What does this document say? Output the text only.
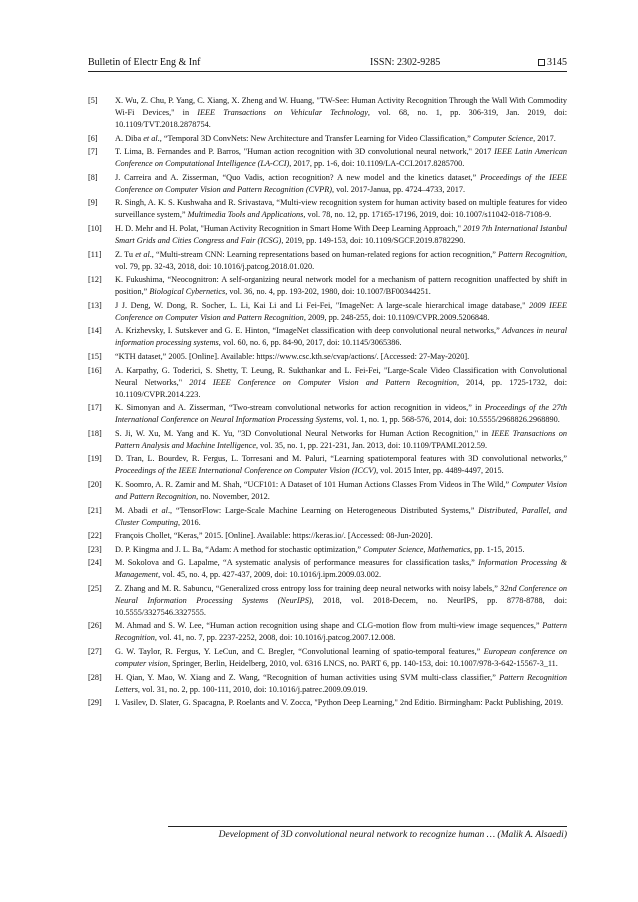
Bulletin of Electr Eng & Inf	ISSN: 2302-9285	3145
[5] X. Wu, Z. Chu, P. Yang, C. Xiang, X. Zheng and W. Huang, "TW-See: Human Activity Recognition Through the Wall With Commodity Wi-Fi Devices," in IEEE Transactions on Vehicular Technology, vol. 68, no. 1, pp. 306-319, Jan. 2019, doi: 10.1109/TVT.2018.2878754.
[6] A. Diba et al., “Temporal 3D ConvNets: New Architecture and Transfer Learning for Video Classification,” Computer Science, 2017.
[7] T. Lima, B. Fernandes and P. Barros, "Human action recognition with 3D convolutional neural network," 2017 IEEE Latin American Conference on Computational Intelligence (LA-CCI), 2017, pp. 1-6, doi: 10.1109/LA-CCI.2017.8285700.
[8] J. Carreira and A. Zisserman, “Quo Vadis, action recognition? A new model and the kinetics dataset,” Proceedings of the IEEE Conference on Computer Vision and Pattern Recognition (CVPR), vol. 2017-Janua, pp. 4724–4733, 2017.
[9] R. Singh, A. K. S. Kushwaha and R. Srivastava, “Multi-view recognition system for human activity based on multiple features for video surveillance system,” Multimedia Tools and Applications, vol. 78, no. 12, pp. 17165-17196, 2019, doi: 10.1007/s11042-018-7108-9.
[10] H. D. Mehr and H. Polat, "Human Activity Recognition in Smart Home With Deep Learning Approach," 2019 7th International Istanbul Smart Grids and Cities Congress and Fair (ICSG), 2019, pp. 149-153, doi: 10.1109/SGCF.2019.8782290.
[11] Z. Tu et al., “Multi-stream CNN: Learning representations based on human-related regions for action recognition,” Pattern Recognition, vol. 79, pp. 32-43, 2018, doi: 10.1016/j.patcog.2018.01.020.
[12] K. Fukushima, “Neocognitron: A self-organizing neural network model for a mechanism of pattern recognition unaffected by shift in position,” Biological Cybernetics, vol. 36, no. 4, pp. 193-202, 1980, doi: 10.1007/BF00344251.
[13] J J. Deng, W. Dong, R. Socher, L. Li, Kai Li and Li Fei-Fei, "ImageNet: A large-scale hierarchical image database," 2009 IEEE Conference on Computer Vision and Pattern Recognition, 2009, pp. 248-255, doi: 10.1109/CVPR.2009.5206848.
[14] A. Krizhevsky, I. Sutskever and G. E. Hinton, “ImageNet classification with deep convolutional neural networks,” Advances in neural information processing systems, vol. 60, no. 6, pp. 84-90, 2017, doi: 10.1145/3065386.
[15] “KTH dataset,” 2005. [Online]. Available: https://www.csc.kth.se/cvap/actions/. [Accessed: 27-May-2020].
[16] A. Karpathy, G. Toderici, S. Shetty, T. Leung, R. Sukthankar and L. Fei-Fei, "Large-Scale Video Classification with Convolutional Neural Networks," 2014 IEEE Conference on Computer Vision and Pattern Recognition, 2014, pp. 1725-1732, doi: 10.1109/CVPR.2014.223.
[17] K. Simonyan and A. Zisserman, “Two-stream convolutional networks for action recognition in videos,” in Proceedings of the 27th International Conference on Neural Information Processing Systems, vol. 1, no. 1, pp. 568-576, 2014, doi: 10.5555/2968826.2968890.
[18] S. Ji, W. Xu, M. Yang and K. Yu, "3D Convolutional Neural Networks for Human Action Recognition," in IEEE Transactions on Pattern Analysis and Machine Intelligence, vol. 35, no. 1, pp. 221-231, Jan. 2013, doi: 10.1109/TPAMI.2012.59.
[19] D. Tran, L. Bourdev, R. Fergus, L. Torresani and M. Paluri, “Learning spatiotemporal features with 3D convolutional networks,” Proceedings of the IEEE International Conference on Computer Vision (ICCV), vol. 2015 Inter, pp. 4489-4497, 2015.
[20] K. Soomro, A. R. Zamir and M. Shah, “UCF101: A Dataset of 101 Human Actions Classes From Videos in The Wild,” Computer Vision and Pattern Recognition, no. November, 2012.
[21] M. Abadi et al., “TensorFlow: Large-Scale Machine Learning on Heterogeneous Distributed Systems,” Distributed, Parallel, and Cluster Computing, 2016.
[22] François Chollet, “Keras,” 2015. [Online]. Available: https://keras.io/. [Accessed: 08-Jun-2020].
[23] D. P. Kingma and J. L. Ba, “Adam: A method for stochastic optimization,” Computer Science, Mathematics, pp. 1-15, 2015.
[24] M. Sokolova and G. Lapalme, “A systematic analysis of performance measures for classification tasks,” Information Processing & Management, vol. 45, no. 4, pp. 427-437, 2009, doi: 10.1016/j.ipm.2009.03.002.
[25] Z. Zhang and M. R. Sabuncu, “Generalized cross entropy loss for training deep neural networks with noisy labels,” 32nd Conference on Neural Information Processing Systems (NeurIPS), 2018, vol. 2018-Decem, no. NeurIPS, pp. 8778-8788, doi: 10.5555/3327546.3327555.
[26] M. Ahmad and S. W. Lee, “Human action recognition using shape and CLG-motion flow from multi-view image sequences,” Pattern Recognition, vol. 41, no. 7, pp. 2237-2252, 2008, doi: 10.1016/j.patcog.2007.12.008.
[27] G. W. Taylor, R. Fergus, Y. LeCun, and C. Bregler, “Convolutional learning of spatio-temporal features,” European conference on computer vision, Springer, Berlin, Heidelberg, 2010, vol. 6316 LNCS, no. PART 6, pp. 140-153, doi: 10.1007/978-3-642-15567-3_11.
[28] H. Qian, Y. Mao, W. Xiang and Z. Wang, “Recognition of human activities using SVM multi-class classifier,” Pattern Recognition Letters, vol. 31, no. 2, pp. 100-111, 2010, doi: 10.1016/j.patrec.2009.09.019.
[29] I. Vasilev, D. Slater, G. Spacagna, P. Roelants and V. Zocca, "Python Deep Learning," 2nd Editio. Birmingham: Packt Publishing, 2019.
Development of 3D convolutional neural network to recognize human … (Malik A. Alsaedi)
